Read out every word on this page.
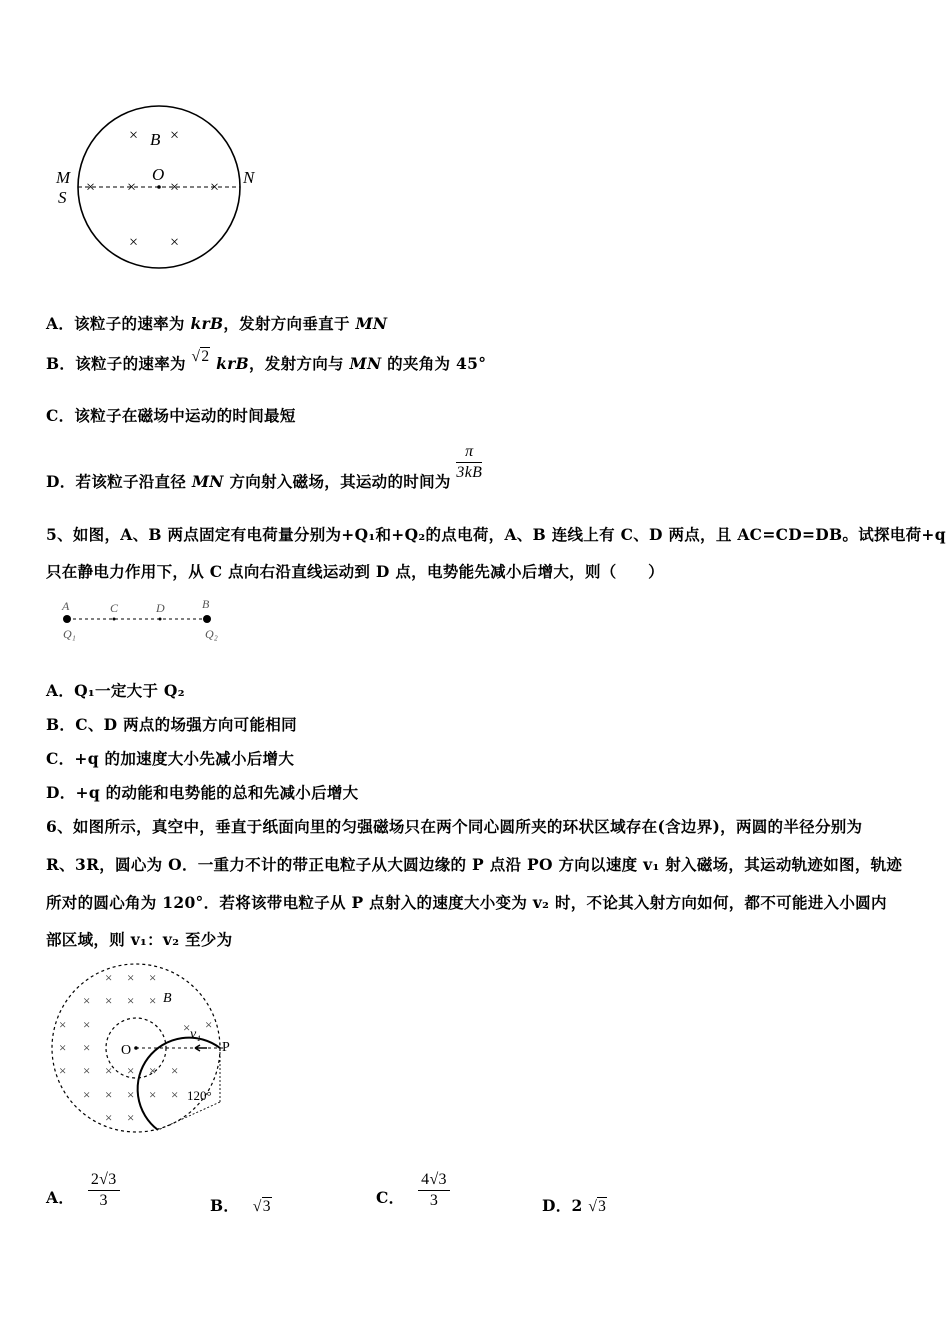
× ×
× × × ×
× ×
B
O
M
S
N
A．该粒子的速率为 krB，发射方向垂直于 MN
B．该粒子的速率为 √2 krB，发射方向与 MN 的夹角为 45°
C．该粒子在磁场中运动的时间最短
D．若该粒子沿直径 MN 方向射入磁场，其运动的时间为 $\frac{\pi}{3kB}$
5、如图，A、B 两点固定有电荷量分别为+Q₁和+Q₂的点电荷，A、B 连线上有 C、D 两点，且 AC=CD=DB。试探电荷+q
只在静电力作用下，从 C 点向右沿直线运动到 D 点，电势能先减小后增大，则（　　）
A	C	D	B
Q₁	Q₂
A．Q₁一定大于 Q₂
B．C、D 两点的场强方向可能相同
C．+q 的加速度大小先减小后增大
D．+q 的动能和电势能的总和先减小后增大
6、如图所示，真空中，垂直于纸面向里的匀强磁场只在两个同心圆所夹的环状区域存在(含边界)，两圆的半径分别为
R、3R，圆心为 O．一重力不计的带正电粒子从大圆边缘的 P 点沿 PO 方向以速度 v₁ 射入磁场，其运动轨迹如图，轨迹
所对的圆心角为 120°．若将该带电粒子从 P 点射入的速度大小变为 v₂ 时，不论其入射方向如何，都不可能进入小圆内
部区域，则 v₁：v₂ 至少为
× × ×
× × × ×
× ×	× ×
× ×
× × × × × ×
× × × × ×
× ×
B
O	P
v₁
120°
A． $\frac{2√3}{3}$	B． √3	C． $\frac{4√3}{3}$	D．2 √3
